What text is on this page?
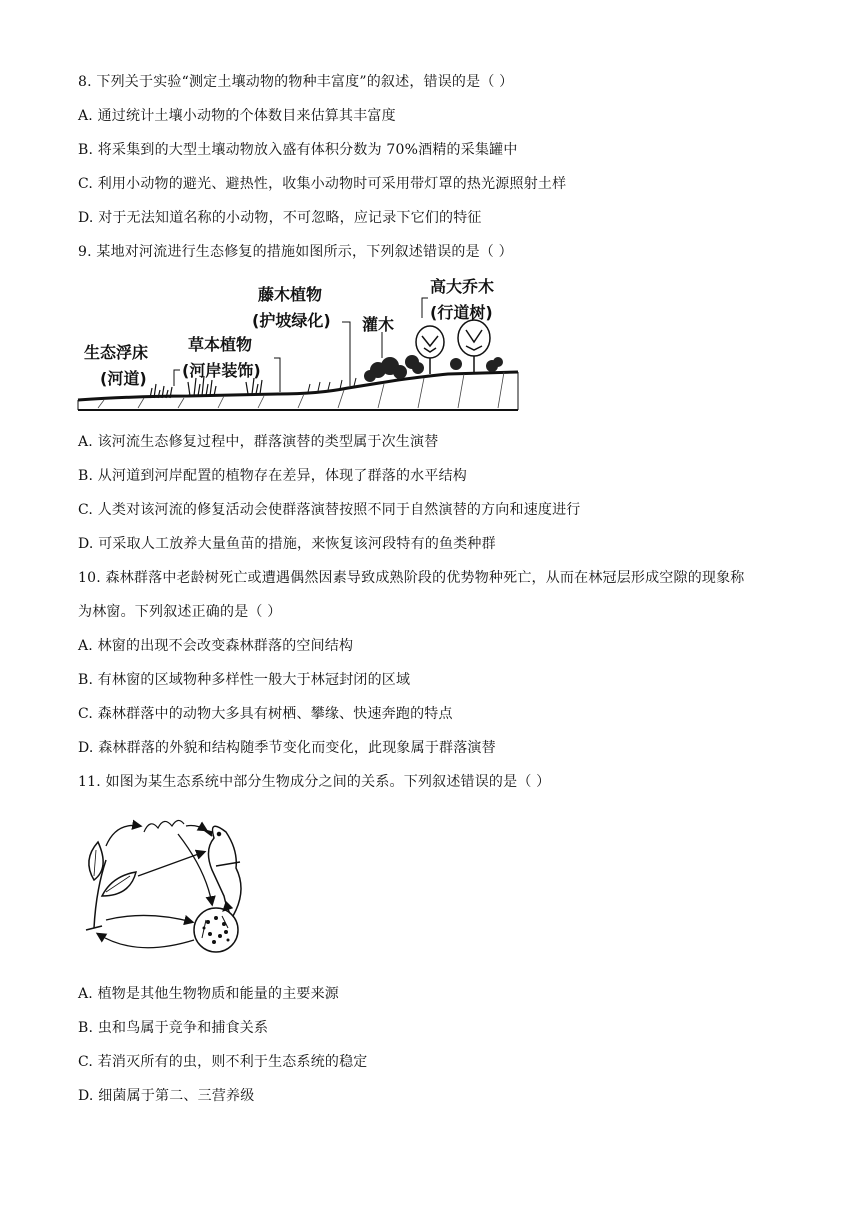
8. 下列关于实验“测定土壤动物的物种丰富度”的叙述，错误的是（ ）
A. 通过统计土壤小动物的个体数目来估算其丰富度
B. 将采集到的大型土壤动物放入盛有体积分数为 70%酒精的采集罐中
C. 利用小动物的避光、避热性，收集小动物时可采用带灯罩的热光源照射土样
D. 对于无法知道名称的小动物，不可忽略，应记录下它们的特征
9. 某地对河流进行生态修复的措施如图所示，下列叙述错误的是（ ）
生态浮床
(河道)
草本植物
(河岸装饰)
藤木植物
(护坡绿化) 灌木
高大乔木
(行道树)
A. 该河流生态修复过程中，群落演替的类型属于次生演替
B. 从河道到河岸配置的植物存在差异，体现了群落的水平结构
C. 人类对该河流的修复活动会使群落演替按照不同于自然演替的方向和速度进行
D. 可采取人工放养大量鱼苗的措施，来恢复该河段特有的鱼类种群
10. 森林群落中老龄树死亡或遭遇偶然因素导致成熟阶段的优势物种死亡，从而在林冠层形成空隙的现象称
为林窗。下列叙述正确的是（ ）
A. 林窗的出现不会改变森林群落的空间结构
B. 有林窗的区域物种多样性一般大于林冠封闭的区域
C. 森林群落中的动物大多具有树栖、攀缘、快速奔跑的特点
D. 森林群落的外貌和结构随季节变化而变化，此现象属于群落演替
11. 如图为某生态系统中部分生物成分之间的关系。下列叙述错误的是（ ）
A. 植物是其他生物物质和能量的主要来源
B. 虫和鸟属于竞争和捕食关系
C. 若消灭所有的虫，则不利于生态系统的稳定
D. 细菌属于第二、三营养级
